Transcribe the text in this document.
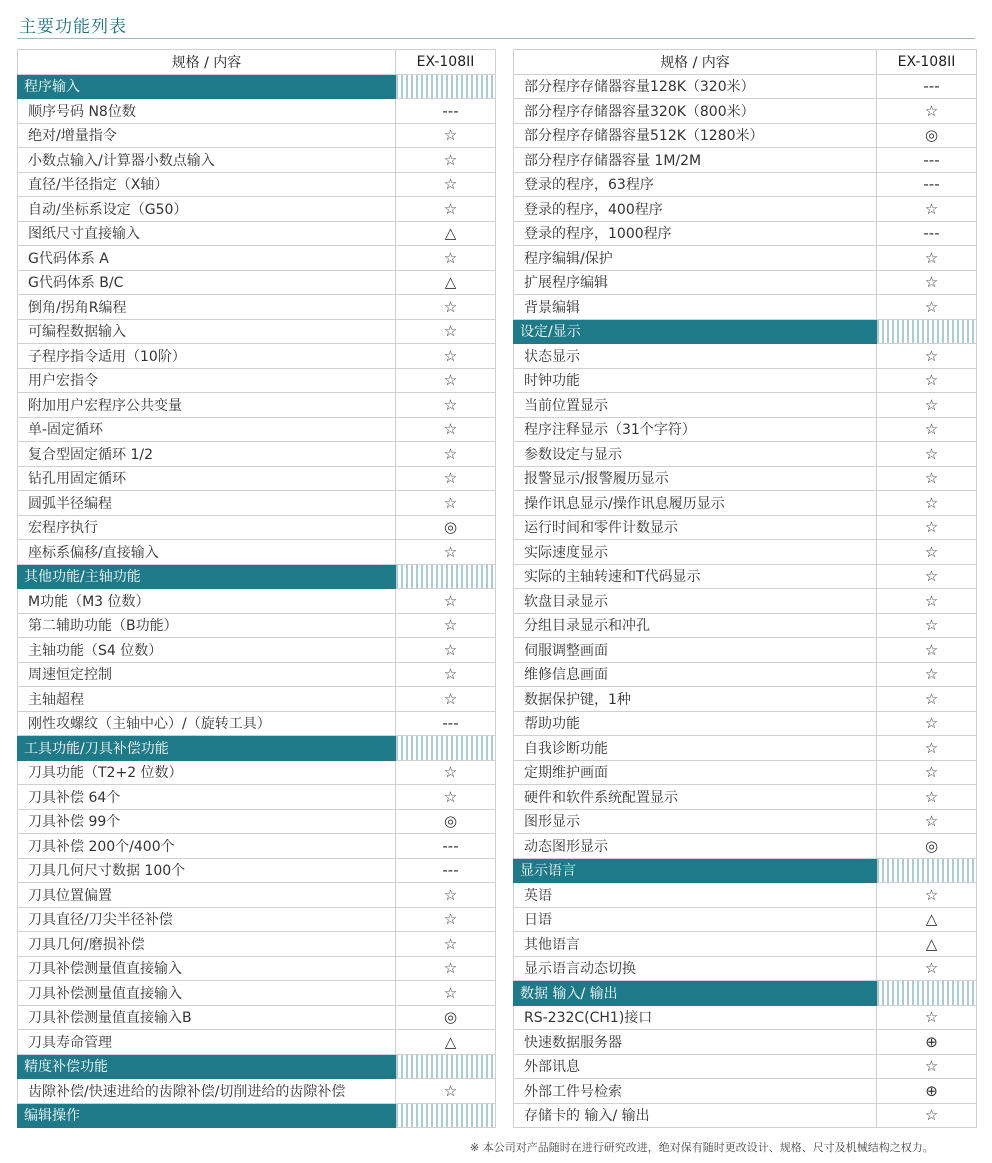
主要功能列表
规格 / 内容	EX-108II
程序输入	

顺序号码 N8位数	---
绝对/增量指令	☆
小数点输入/计算器小数点输入	☆
直径/半径指定（X轴）	☆
自动/坐标系设定（G50）	☆
图纸尺寸直接输入	△
G代码体系 A	☆
G代码体系 B/C	△
倒角/拐角R编程	☆
可编程数据输入	☆
子程序指令适用（10阶）	☆
用户宏指令	☆
附加用户宏程序公共变量	☆
单-固定循环	☆
复合型固定循环 1/2	☆
钻孔用固定循环	☆
圆弧半径编程	☆
宏程序执行	◎
座标系偏移/直接输入	☆
其他功能/主轴功能	

M功能（M3 位数）	☆
第二辅助功能（B功能）	☆
主轴功能（S4 位数）	☆
周速恒定控制	☆
主轴超程	☆
刚性攻螺纹（主轴中心）/（旋转工具）	---
工具功能/刀具补偿功能	

刀具功能（T2+2 位数）	☆
刀具补偿 64个	☆
刀具补偿 99个	◎
刀具补偿 200个/400个	---
刀具几何尺寸数据 100个	---
刀具位置偏置	☆
刀具直径/刀尖半径补偿	☆
刀具几何/磨损补偿	☆
刀具补偿测量值直接输入	☆
刀具补偿测量值直接输入	☆
刀具补偿测量值直接输入B	◎
刀具寿命管理	△
精度补偿功能	

齿隙补偿/快速进给的齿隙补偿/切削进给的齿隙补偿	☆
编辑操作	
规格 / 内容	EX-108II
部分程序存储器容量128K（320米）	---
部分程序存储器容量320K（800米）	☆
部分程序存储器容量512K（1280米）	◎
部分程序存储器容量 1M/2M	---
登录的程序，63程序	---
登录的程序，400程序	☆
登录的程序，1000程序	---
程序编辑/保护	☆
扩展程序编辑	☆
背景编辑	☆
设定/显示	

状态显示	☆
时钟功能	☆
当前位置显示	☆
程序注释显示（31个字符）	☆
参数设定与显示	☆
报警显示/报警履历显示	☆
操作讯息显示/操作讯息履历显示	☆
运行时间和零件计数显示	☆
实际速度显示	☆
实际的主轴转速和T代码显示	☆
软盘目录显示	☆
分组目录显示和冲孔	☆
伺服调整画面	☆
维修信息画面	☆
数据保护键，1种	☆
帮助功能	☆
自我诊断功能	☆
定期维护画面	☆
硬件和软件系统配置显示	☆
图形显示	☆
动态图形显示	◎
显示语言	

英语	☆
日语	△
其他语言	△
显示语言动态切换	☆
数据 输入/ 输出	

RS-232C(CH1)接口	☆
快速数据服务器	⊕
外部讯息	☆
外部工件号检索	⊕
存储卡的 输入/ 输出	☆

※ 本公司对产品随时在进行研究改进，绝对保有随时更改设计、规格、尺寸及机械结构之权力。
